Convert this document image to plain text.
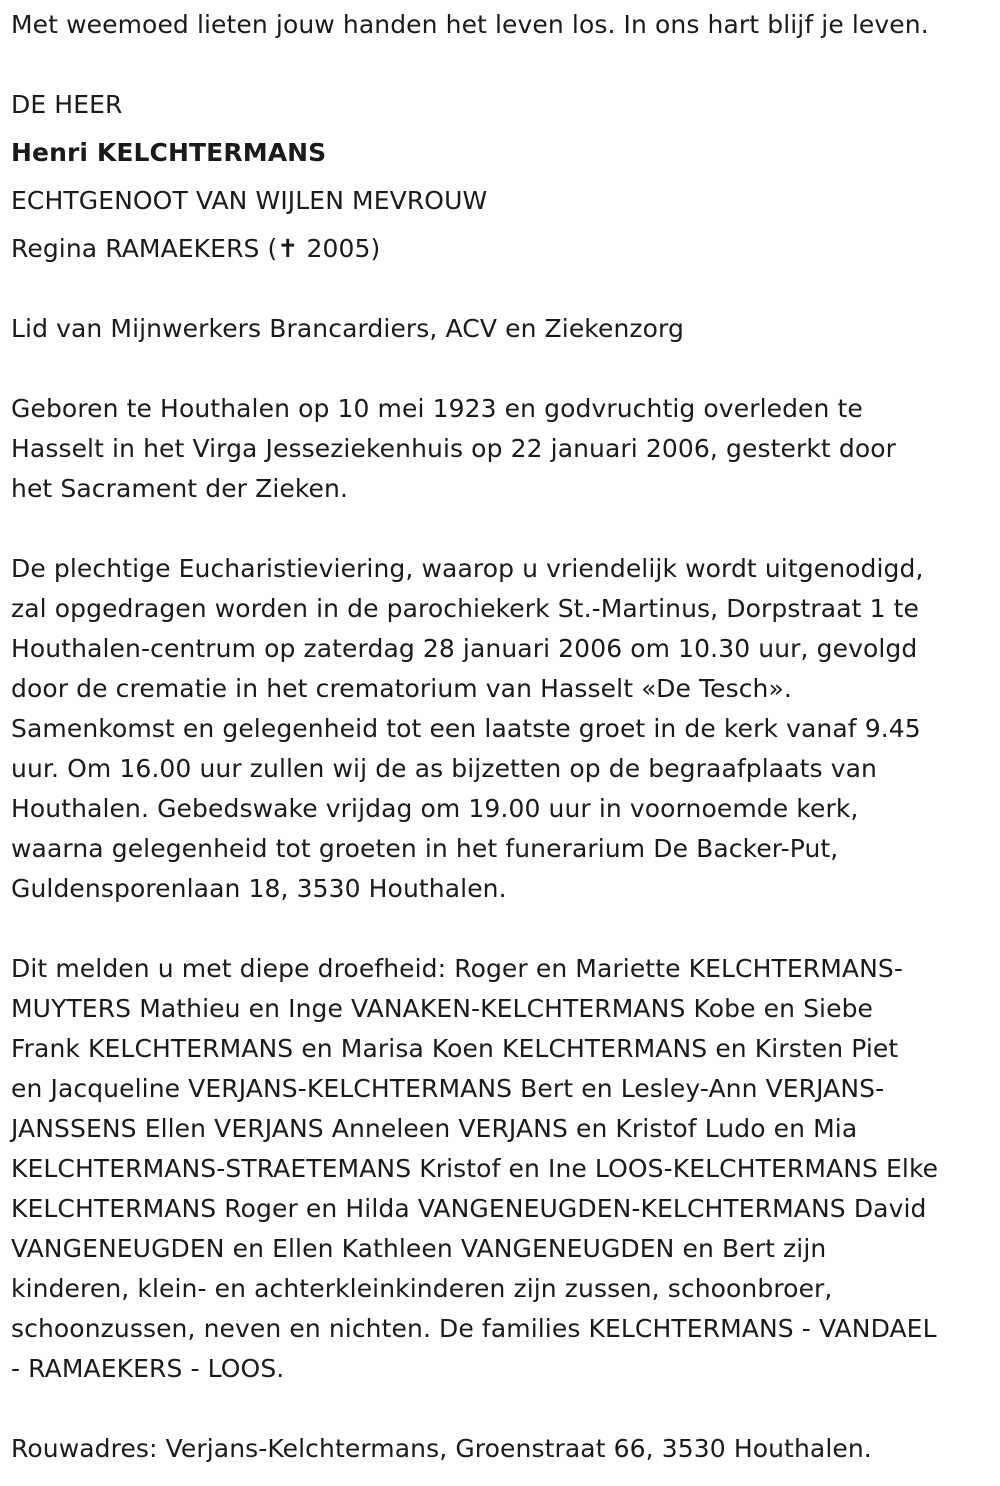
Met weemoed lieten jouw handen het leven los. In ons hart blijf je leven.
DE HEER
Henri KELCHTERMANS
ECHTGENOOT VAN WIJLEN MEVROUW
Regina RAMAEKERS (✝ 2005)
Lid van Mijnwerkers Brancardiers, ACV en Ziekenzorg
Geboren te Houthalen op 10 mei 1923 en godvruchtig overleden te
Hasselt in het Virga Jesseziekenhuis op 22 januari 2006, gesterkt door
het Sacrament der Zieken.
De plechtige Eucharistieviering, waarop u vriendelijk wordt uitgenodigd,
zal opgedragen worden in de parochiekerk St.-Martinus, Dorpstraat 1 te
Houthalen-centrum op zaterdag 28 januari 2006 om 10.30 uur, gevolgd
door de crematie in het crematorium van Hasselt «De Tesch».
Samenkomst en gelegenheid tot een laatste groet in de kerk vanaf 9.45
uur. Om 16.00 uur zullen wij de as bijzetten op de begraafplaats van
Houthalen. Gebedswake vrijdag om 19.00 uur in voornoemde kerk,
waarna gelegenheid tot groeten in het funerarium De Backer-Put,
Guldensporenlaan 18, 3530 Houthalen.
Dit melden u met diepe droefheid: Roger en Mariette KELCHTERMANS-
MUYTERS Mathieu en Inge VANAKEN-KELCHTERMANS Kobe en Siebe
Frank KELCHTERMANS en Marisa Koen KELCHTERMANS en Kirsten Piet
en Jacqueline VERJANS-KELCHTERMANS Bert en Lesley-Ann VERJANS-
JANSSENS Ellen VERJANS Anneleen VERJANS en Kristof Ludo en Mia
KELCHTERMANS-STRAETEMANS Kristof en Ine LOOS-KELCHTERMANS Elke
KELCHTERMANS Roger en Hilda VANGENEUGDEN-KELCHTERMANS David
VANGENEUGDEN en Ellen Kathleen VANGENEUGDEN en Bert zijn
kinderen, klein- en achterkleinkinderen zijn zussen, schoonbroer,
schoonzussen, neven en nichten. De families KELCHTERMANS - VANDAEL
- RAMAEKERS - LOOS.
Rouwadres: Verjans-Kelchtermans, Groenstraat 66, 3530 Houthalen.
